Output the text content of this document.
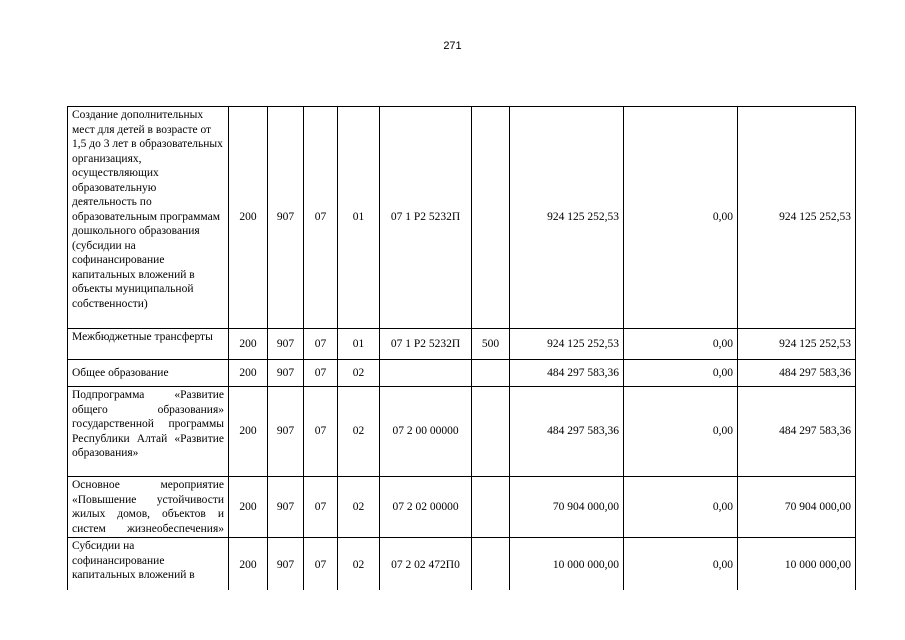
271
Создание дополнительных мест для детей в возрасте от 1,5 до 3 лет в образовательных организациях, осуществляющих образовательную деятельность по образовательным программам дошкольного образования (субсидии на софинансирование капитальных вложений в объекты муниципальной собственности)	200	907	07	01	07 1 P2 5232П		924 125 252,53	0,00	924 125 252,53
Межбюджетные трансферты	200	907	07	01	07 1 P2 5232П	500	924 125 252,53	0,00	924 125 252,53
Общее образование	200	907	07	02			484 297 583,36	0,00	484 297 583,36
Подпрограмма «Развитие общего образования» государственной программы Республики Алтай «Развитие образования»	200	907	07	02	07 2 00 00000		484 297 583,36	0,00	484 297 583,36
Основное мероприятие «Повышение устойчивости жилых домов, объектов и систем жизнеобеспечения»	200	907	07	02	07 2 02 00000		70 904 000,00	0,00	70 904 000,00
Субсидии на софинансирование капитальных вложений в	200	907	07	02	07 2 02 472П0		10 000 000,00	0,00	10 000 000,00
